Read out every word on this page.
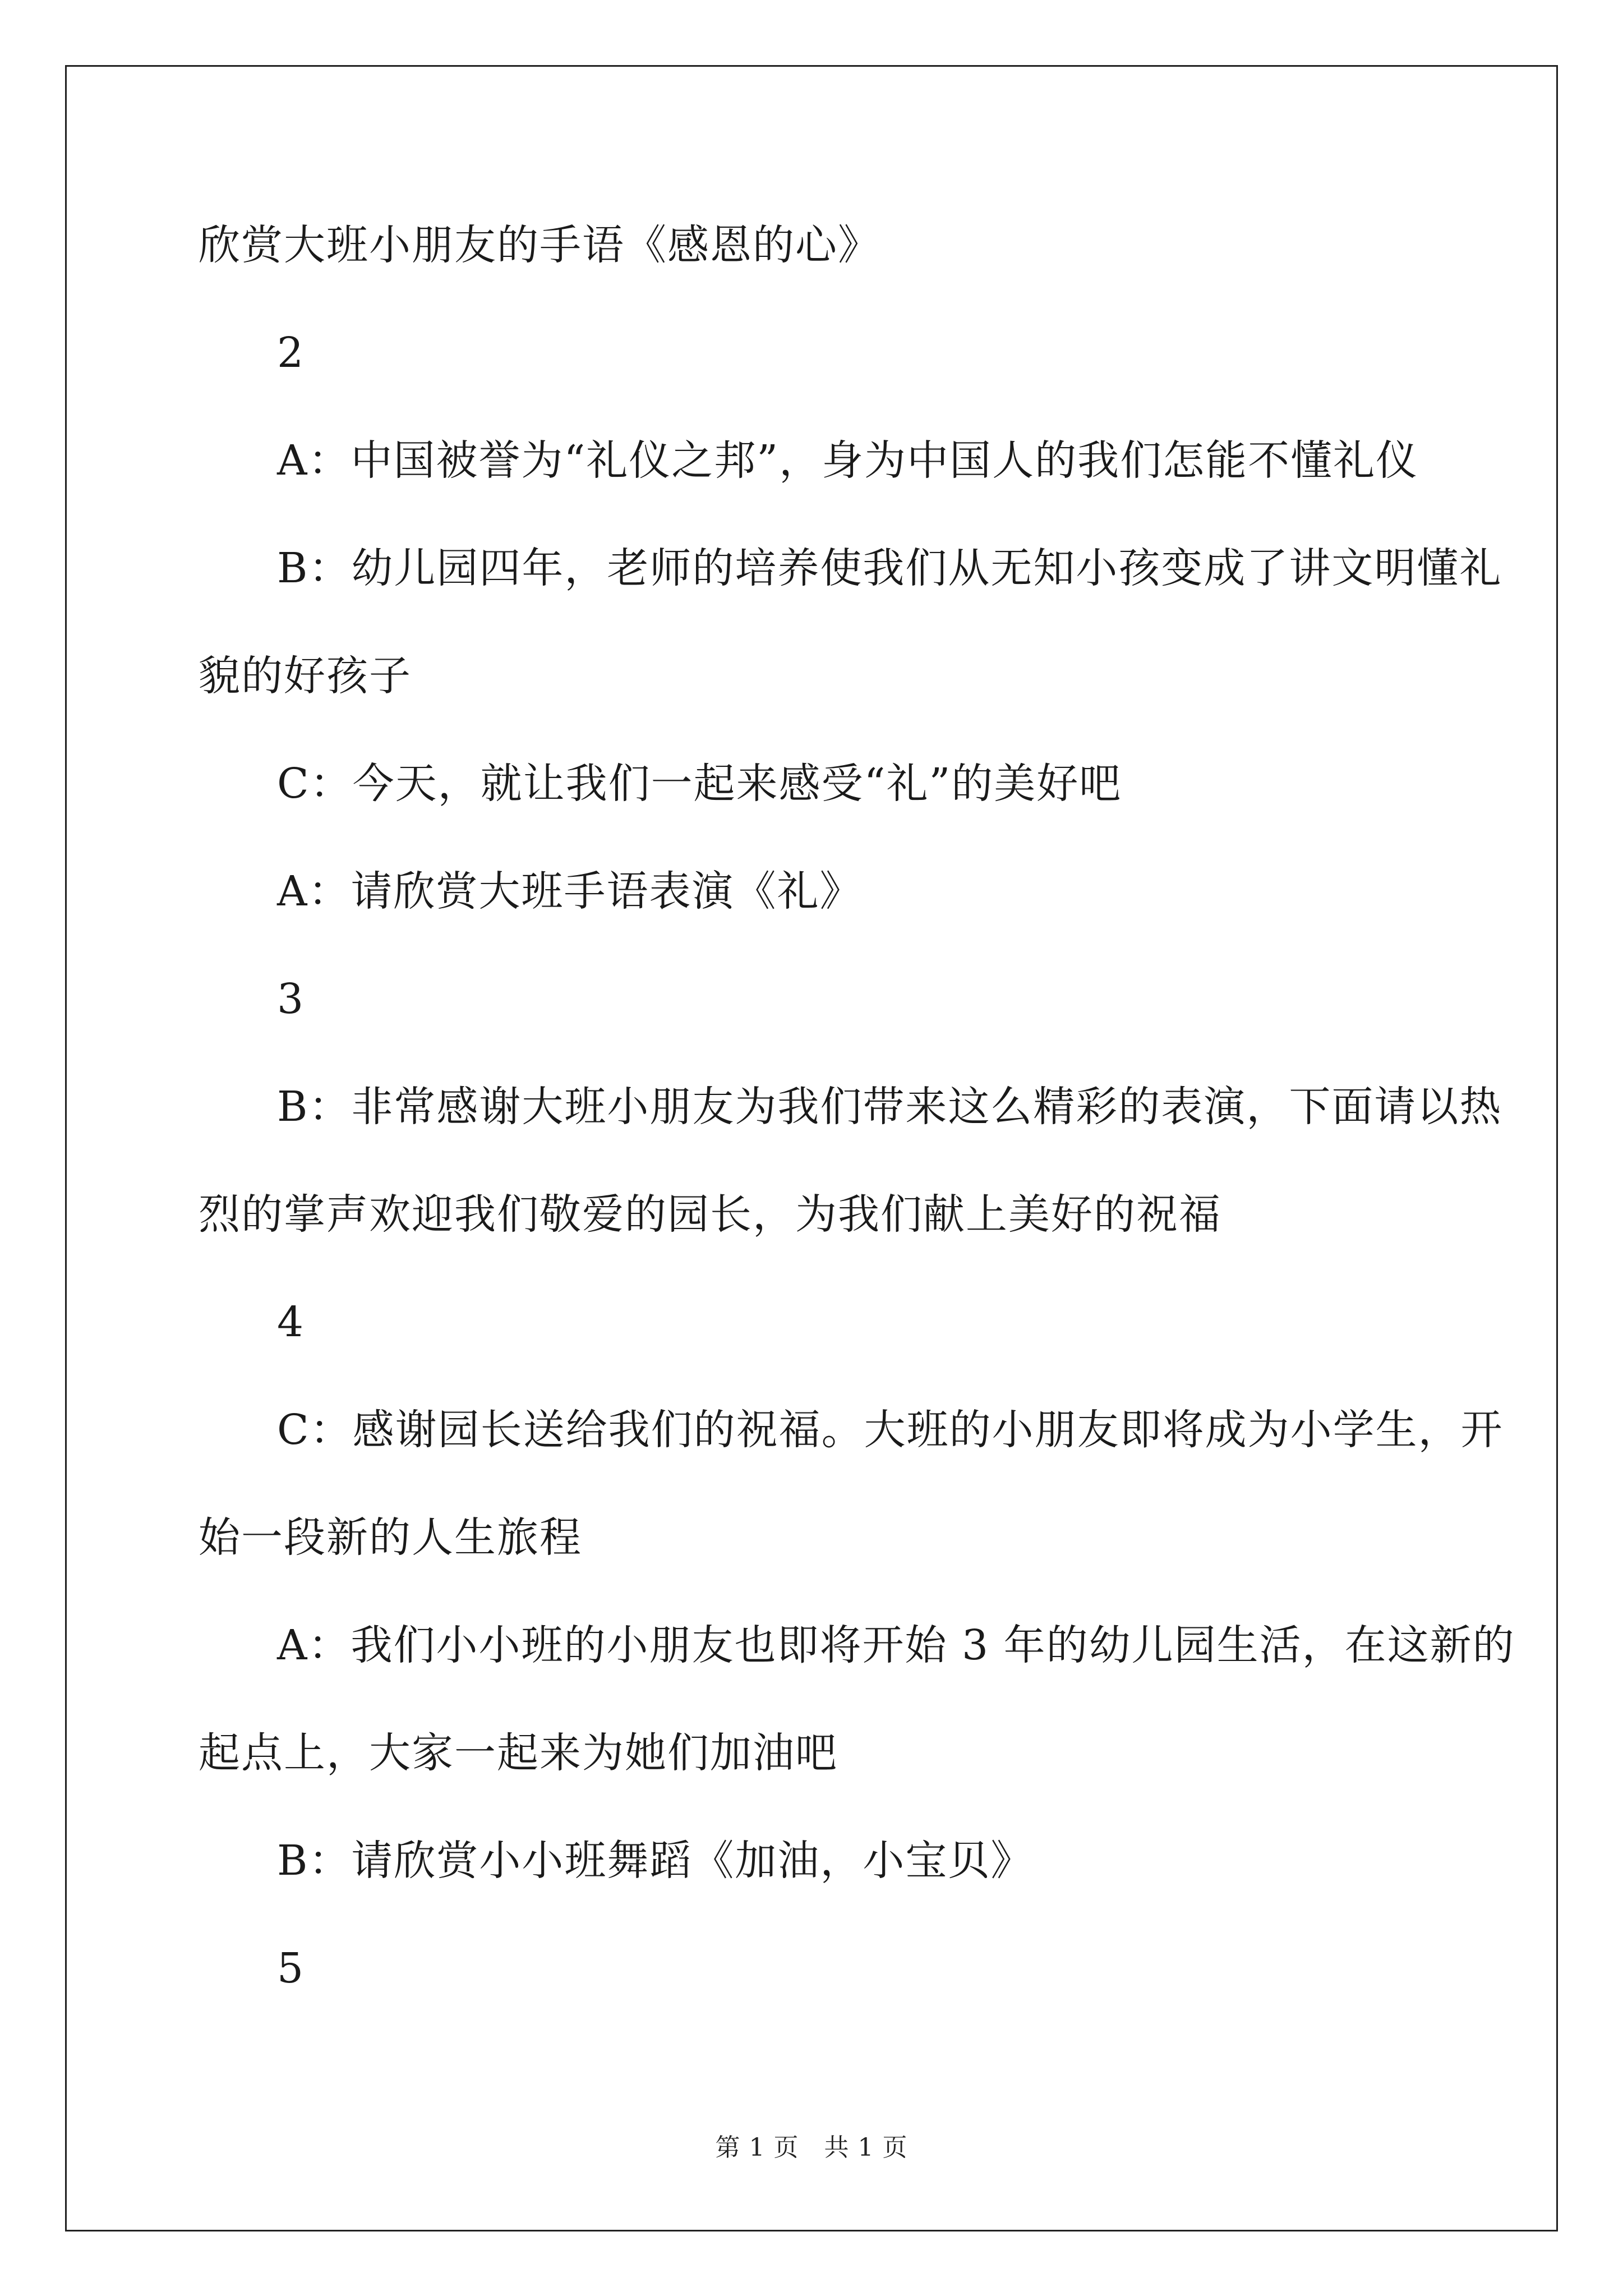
欣赏大班小朋友的手语《感恩的心》
2
A：中国被誉为“礼仪之邦”，身为中国人的我们怎能不懂礼仪
B：幼儿园四年，老师的培养使我们从无知小孩变成了讲文明懂礼
貌的好孩子
C：今天，就让我们一起来感受“礼”的美好吧
A：请欣赏大班手语表演《礼》
3
B：非常感谢大班小朋友为我们带来这么精彩的表演，下面请以热
烈的掌声欢迎我们敬爱的园长，为我们献上美好的祝福
4
C：感谢园长送给我们的祝福。大班的小朋友即将成为小学生，开
始一段新的人生旅程
A：我们小小班的小朋友也即将开始 3 年的幼儿园生活，在这新的
起点上，大家一起来为她们加油吧
B：请欣赏小小班舞蹈《加油，小宝贝》
5
第 1 页　共 1 页
